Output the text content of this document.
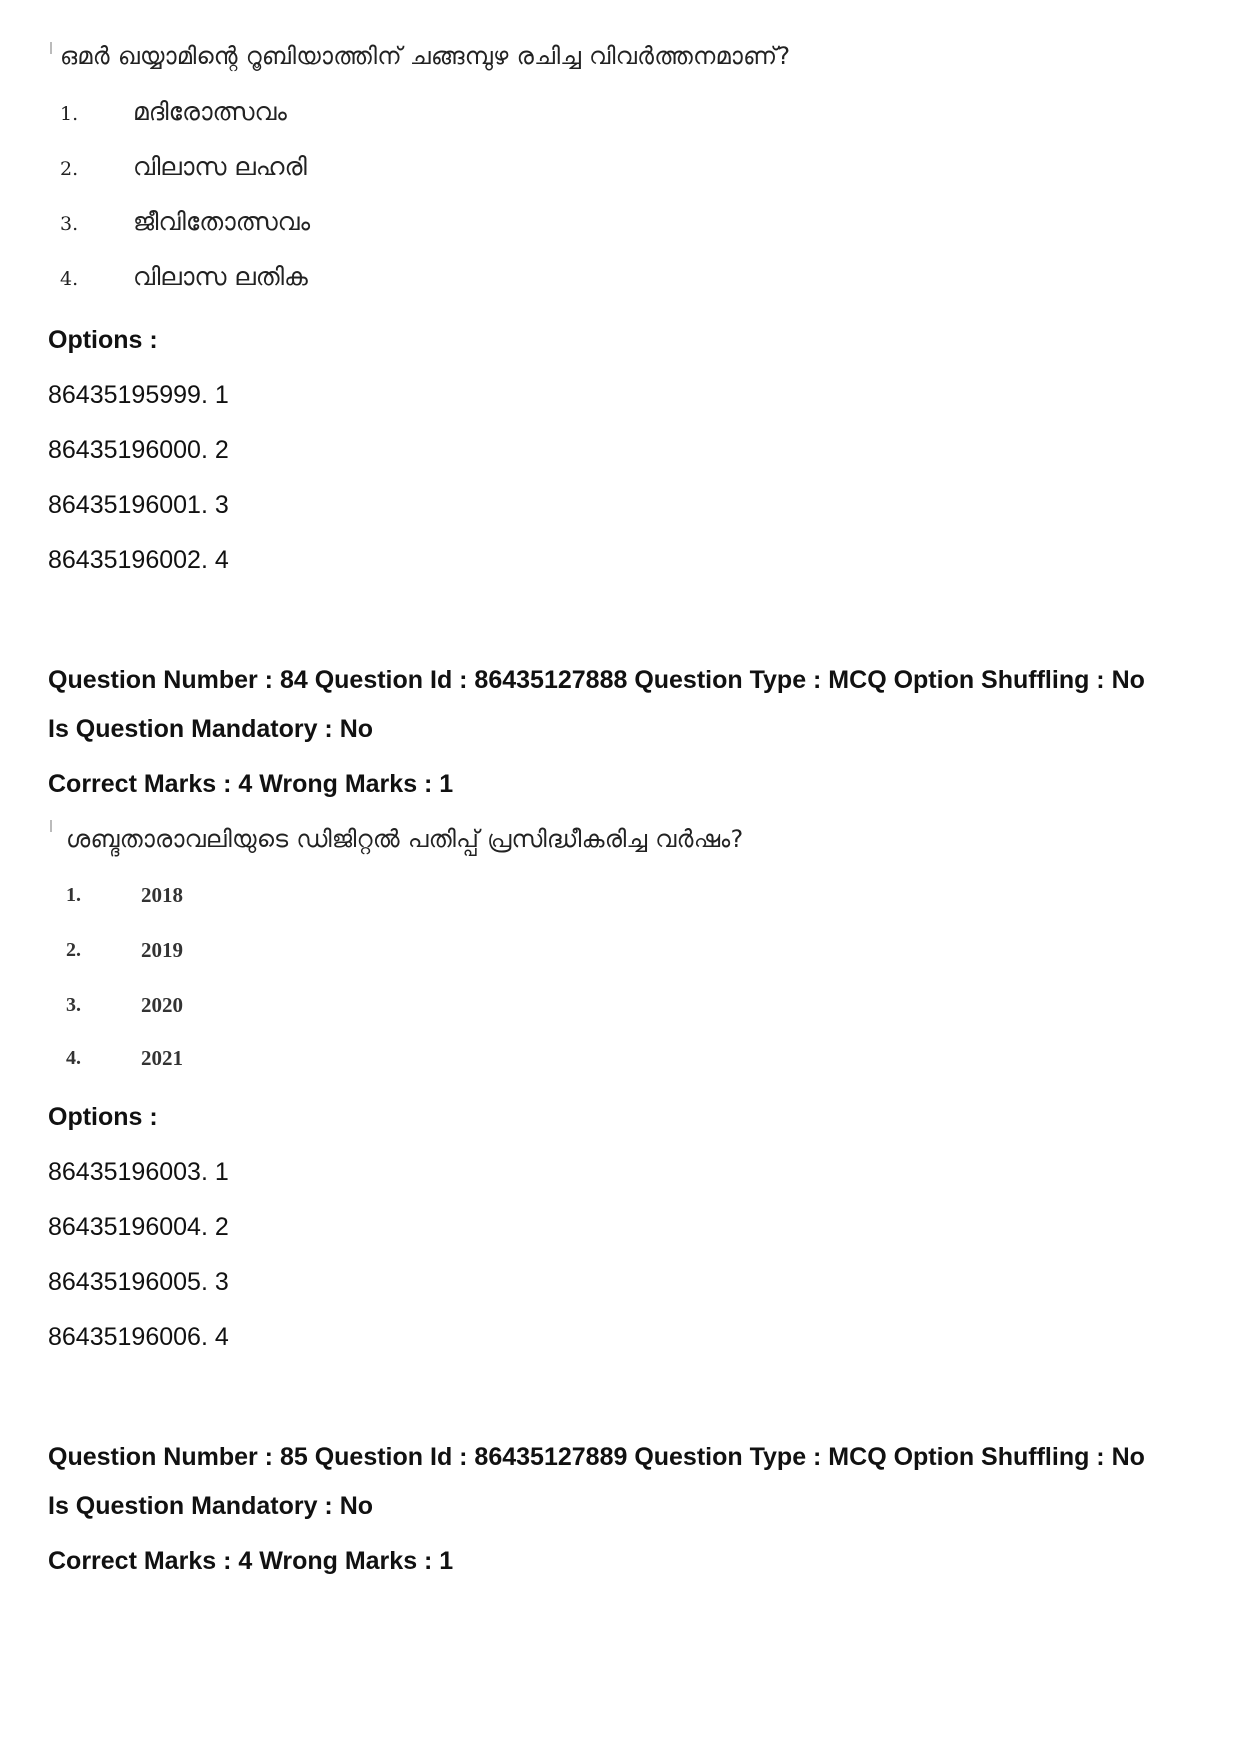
ഒമർ ഖയ്യാമിന്റെ റൂബിയാത്തിന് ചങ്ങമ്പുഴ രചിച്ച വിവർത്തനമാണ്?
1. മദിരോത്സവം
2. വിലാസ ലഹരി
3. ജീവിതോത്സവം
4. വിലാസ ലതിക
Options :
86435195999. 1
86435196000. 2
86435196001. 3
86435196002. 4
Question Number : 84 Question Id : 86435127888 Question Type : MCQ Option Shuffling : No
Is Question Mandatory : No
Correct Marks : 4 Wrong Marks : 1
ശബ്ദതാരാവലിയുടെ ഡിജിറ്റൽ പതിപ്പ് പ്രസിദ്ധീകരിച്ച വർഷം?
1.	2018
2.	2019
3.	2020
4.	2021
Options :
86435196003. 1
86435196004. 2
86435196005. 3
86435196006. 4
Question Number : 85 Question Id : 86435127889 Question Type : MCQ Option Shuffling : No
Is Question Mandatory : No
Correct Marks : 4 Wrong Marks : 1
